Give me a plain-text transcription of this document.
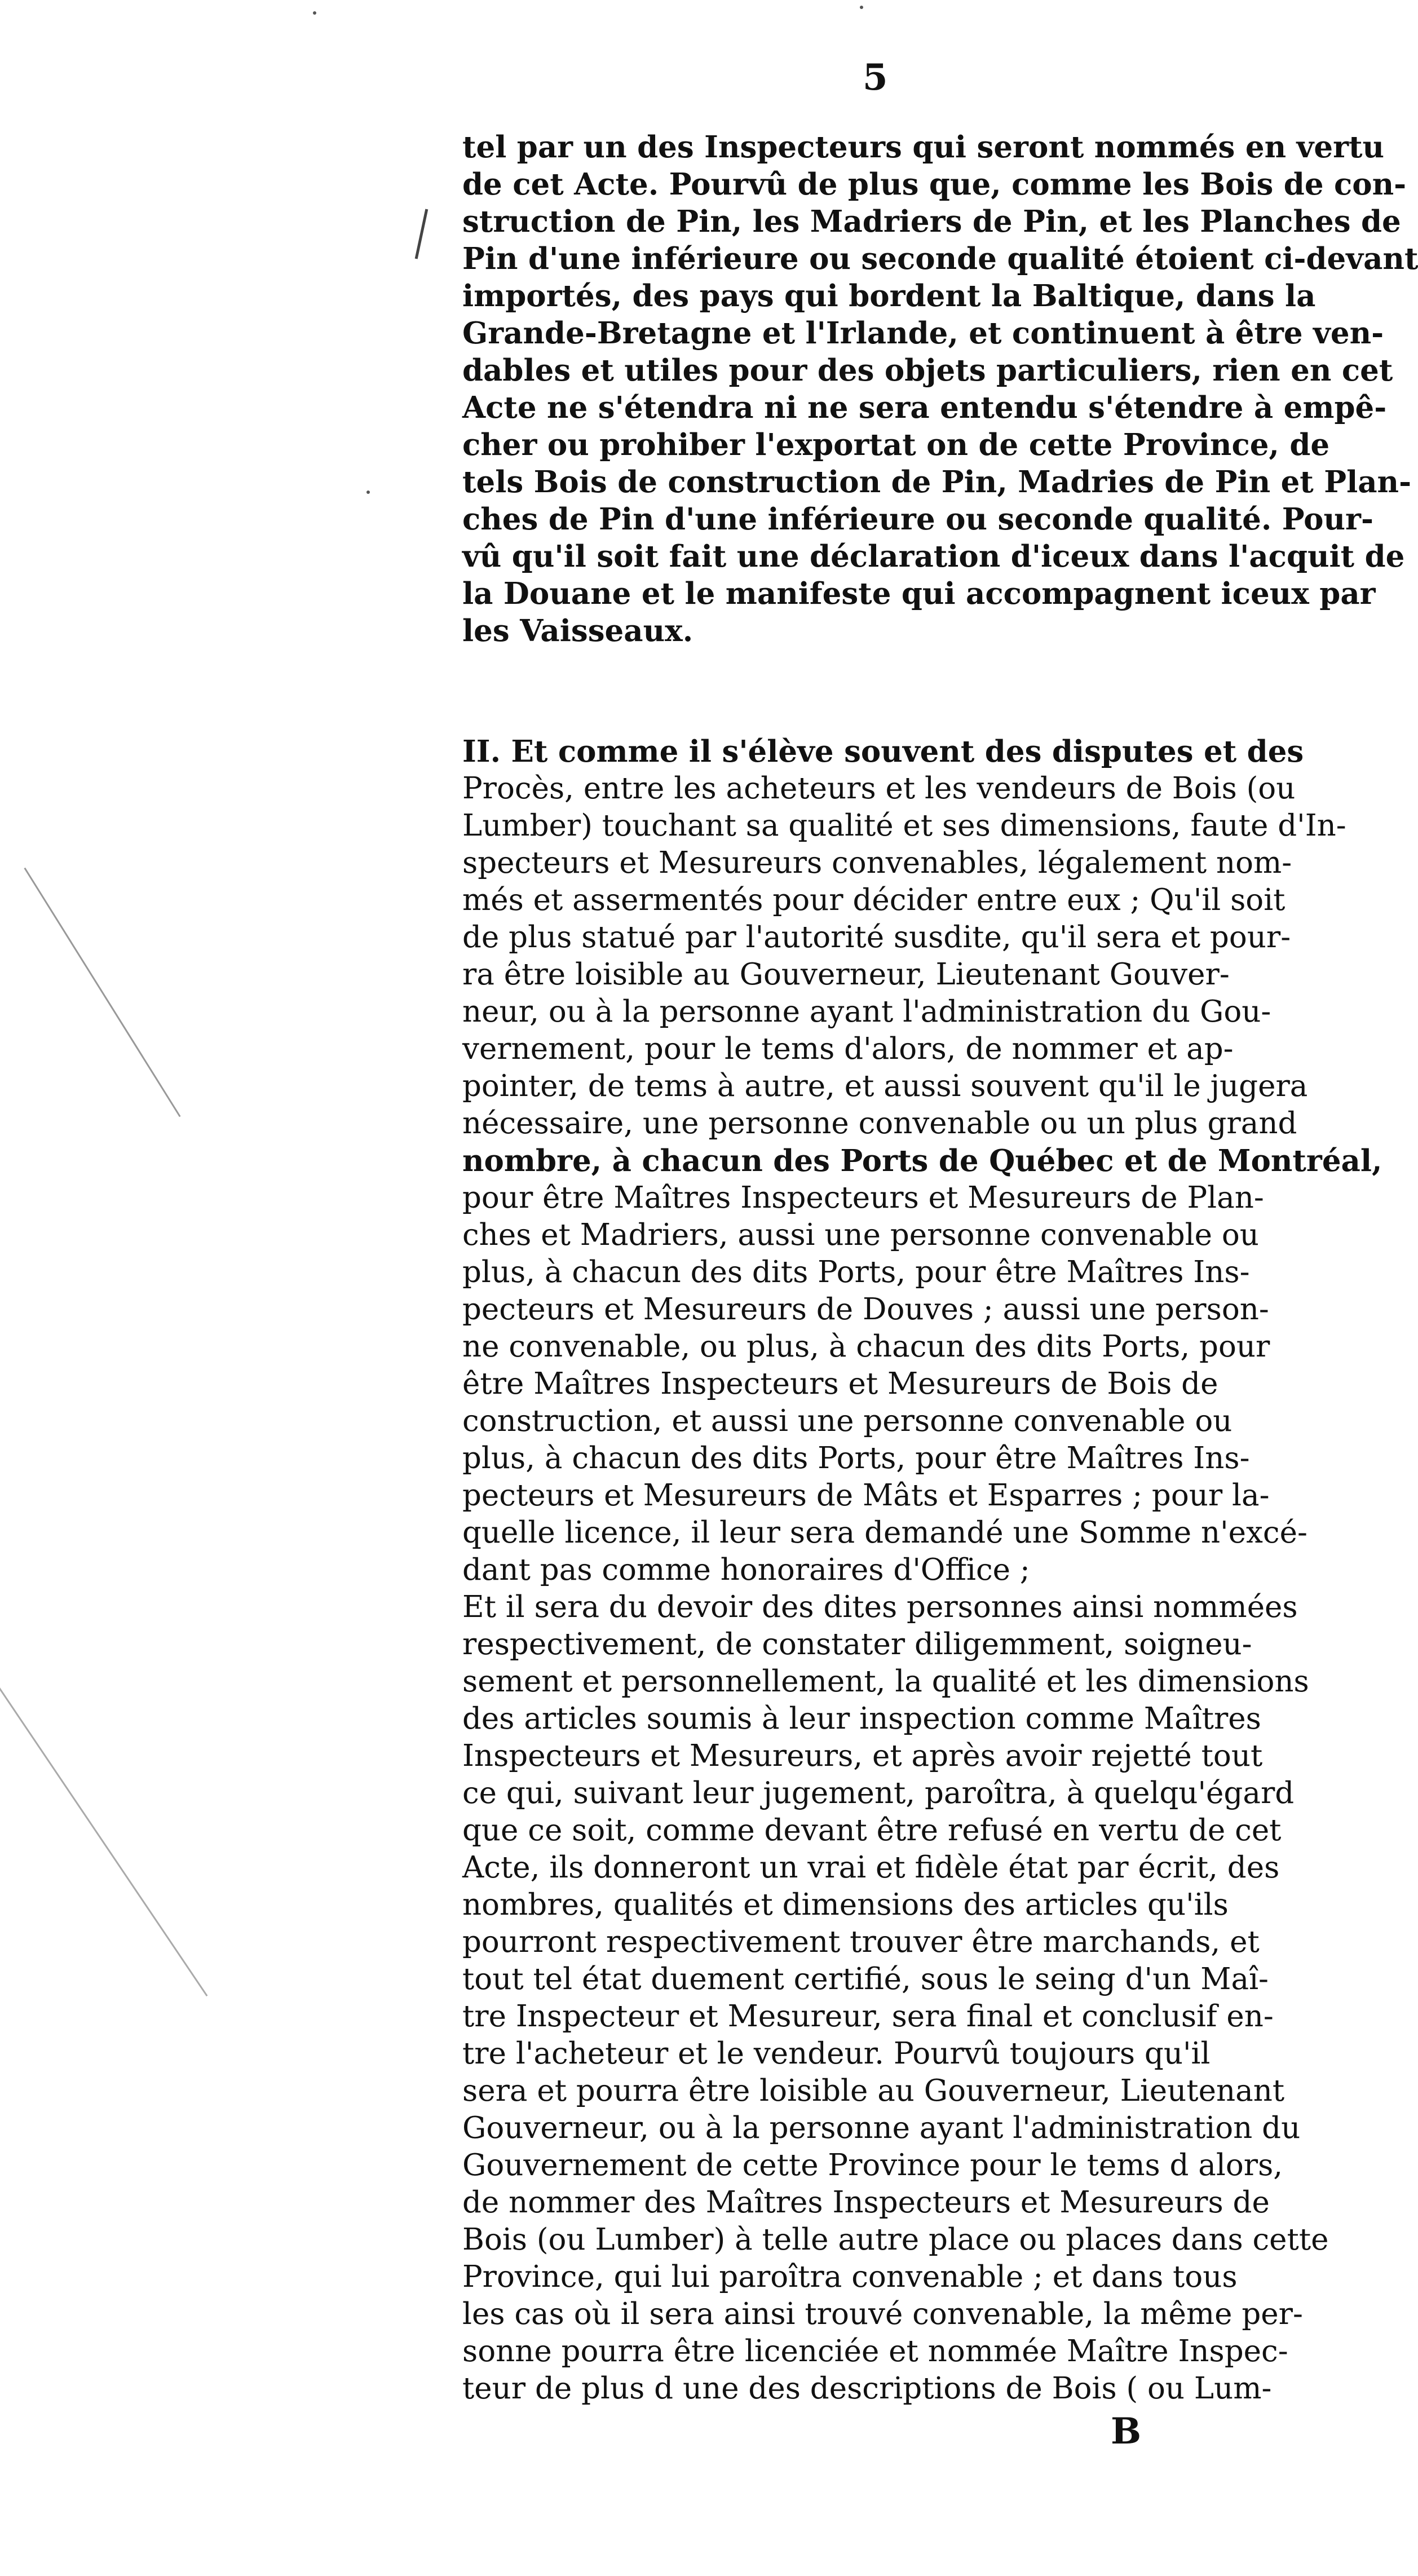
5
tel par un des Inspecteurs qui seront nommés en vertu
de cet Acte. Pourvû de plus que, comme les Bois de con-
struction de Pin, les Madriers de Pin, et les Planches de
Pin d'une inférieure ou seconde qualité étoient ci-devant
importés, des pays qui bordent la Baltique, dans la
Grande-Bretagne et l'Irlande, et continuent à être ven-
dables et utiles pour des objets particuliers, rien en cet
Acte ne s'étendra ni ne sera entendu s'étendre à empê-
cher ou prohiber l'exportat on de cette Province, de
tels Bois de construction de Pin, Madries de Pin et Plan-
ches de Pin d'une inférieure ou seconde qualité. Pour-
vû qu'il soit fait une déclaration d'iceux dans l'acquit de
la Douane et le manifeste qui accompagnent iceux par
les Vaisseaux.
II. Et comme il s'élève souvent des disputes et des
Procès, entre les acheteurs et les vendeurs de Bois (ou
Lumber) touchant sa qualité et ses dimensions, faute d'In-
specteurs et Mesureurs convenables, légalement nom-
més et assermentés pour décider entre eux ; Qu'il soit
de plus statué par l'autorité susdite, qu'il sera et pour-
ra être loisible au Gouverneur, Lieutenant Gouver-
neur, ou à la personne ayant l'administration du Gou-
vernement, pour le tems d'alors, de nommer et ap-
pointer, de tems à autre, et aussi souvent qu'il le jugera
nécessaire, une personne convenable ou un plus grand
nombre, à chacun des Ports de Québec et de Montréal,
pour être Maîtres Inspecteurs et Mesureurs de Plan-
ches et Madriers, aussi une personne convenable ou
plus, à chacun des dits Ports, pour être Maîtres Ins-
pecteurs et Mesureurs de Douves ; aussi une person-
ne convenable, ou plus, à chacun des dits Ports, pour
être Maîtres Inspecteurs et Mesureurs de Bois de
construction, et aussi une personne convenable ou
plus, à chacun des dits Ports, pour être Maîtres Ins-
pecteurs et Mesureurs de Mâts et Esparres ; pour la-
quelle licence, il leur sera demandé une Somme n'excé-
dant pas comme honoraires d'Office ;
Et il sera du devoir des dites personnes ainsi nommées
respectivement, de constater diligemment, soigneu-
sement et personnellement, la qualité et les dimensions
des articles soumis à leur inspection comme Maîtres
Inspecteurs et Mesureurs, et après avoir rejetté tout
ce qui, suivant leur jugement, paroîtra, à quelqu'égard
que ce soit, comme devant être refusé en vertu de cet
Acte, ils donneront un vrai et fidèle état par écrit, des
nombres, qualités et dimensions des articles qu'ils
pourront respectivement trouver être marchands, et
tout tel état duement certifié, sous le seing d'un Maî-
tre Inspecteur et Mesureur, sera final et conclusif en-
tre l'acheteur et le vendeur. Pourvû toujours qu'il
sera et pourra être loisible au Gouverneur, Lieutenant
Gouverneur, ou à la personne ayant l'administration du
Gouvernement de cette Province pour le tems d alors,
de nommer des Maîtres Inspecteurs et Mesureurs de
Bois (ou Lumber) à telle autre place ou places dans cette
Province, qui lui paroîtra convenable ; et dans tous
les cas où il sera ainsi trouvé convenable, la même per-
sonne pourra être licenciée et nommée Maître Inspec-
teur de plus d une des descriptions de Bois ( ou Lum-
B
